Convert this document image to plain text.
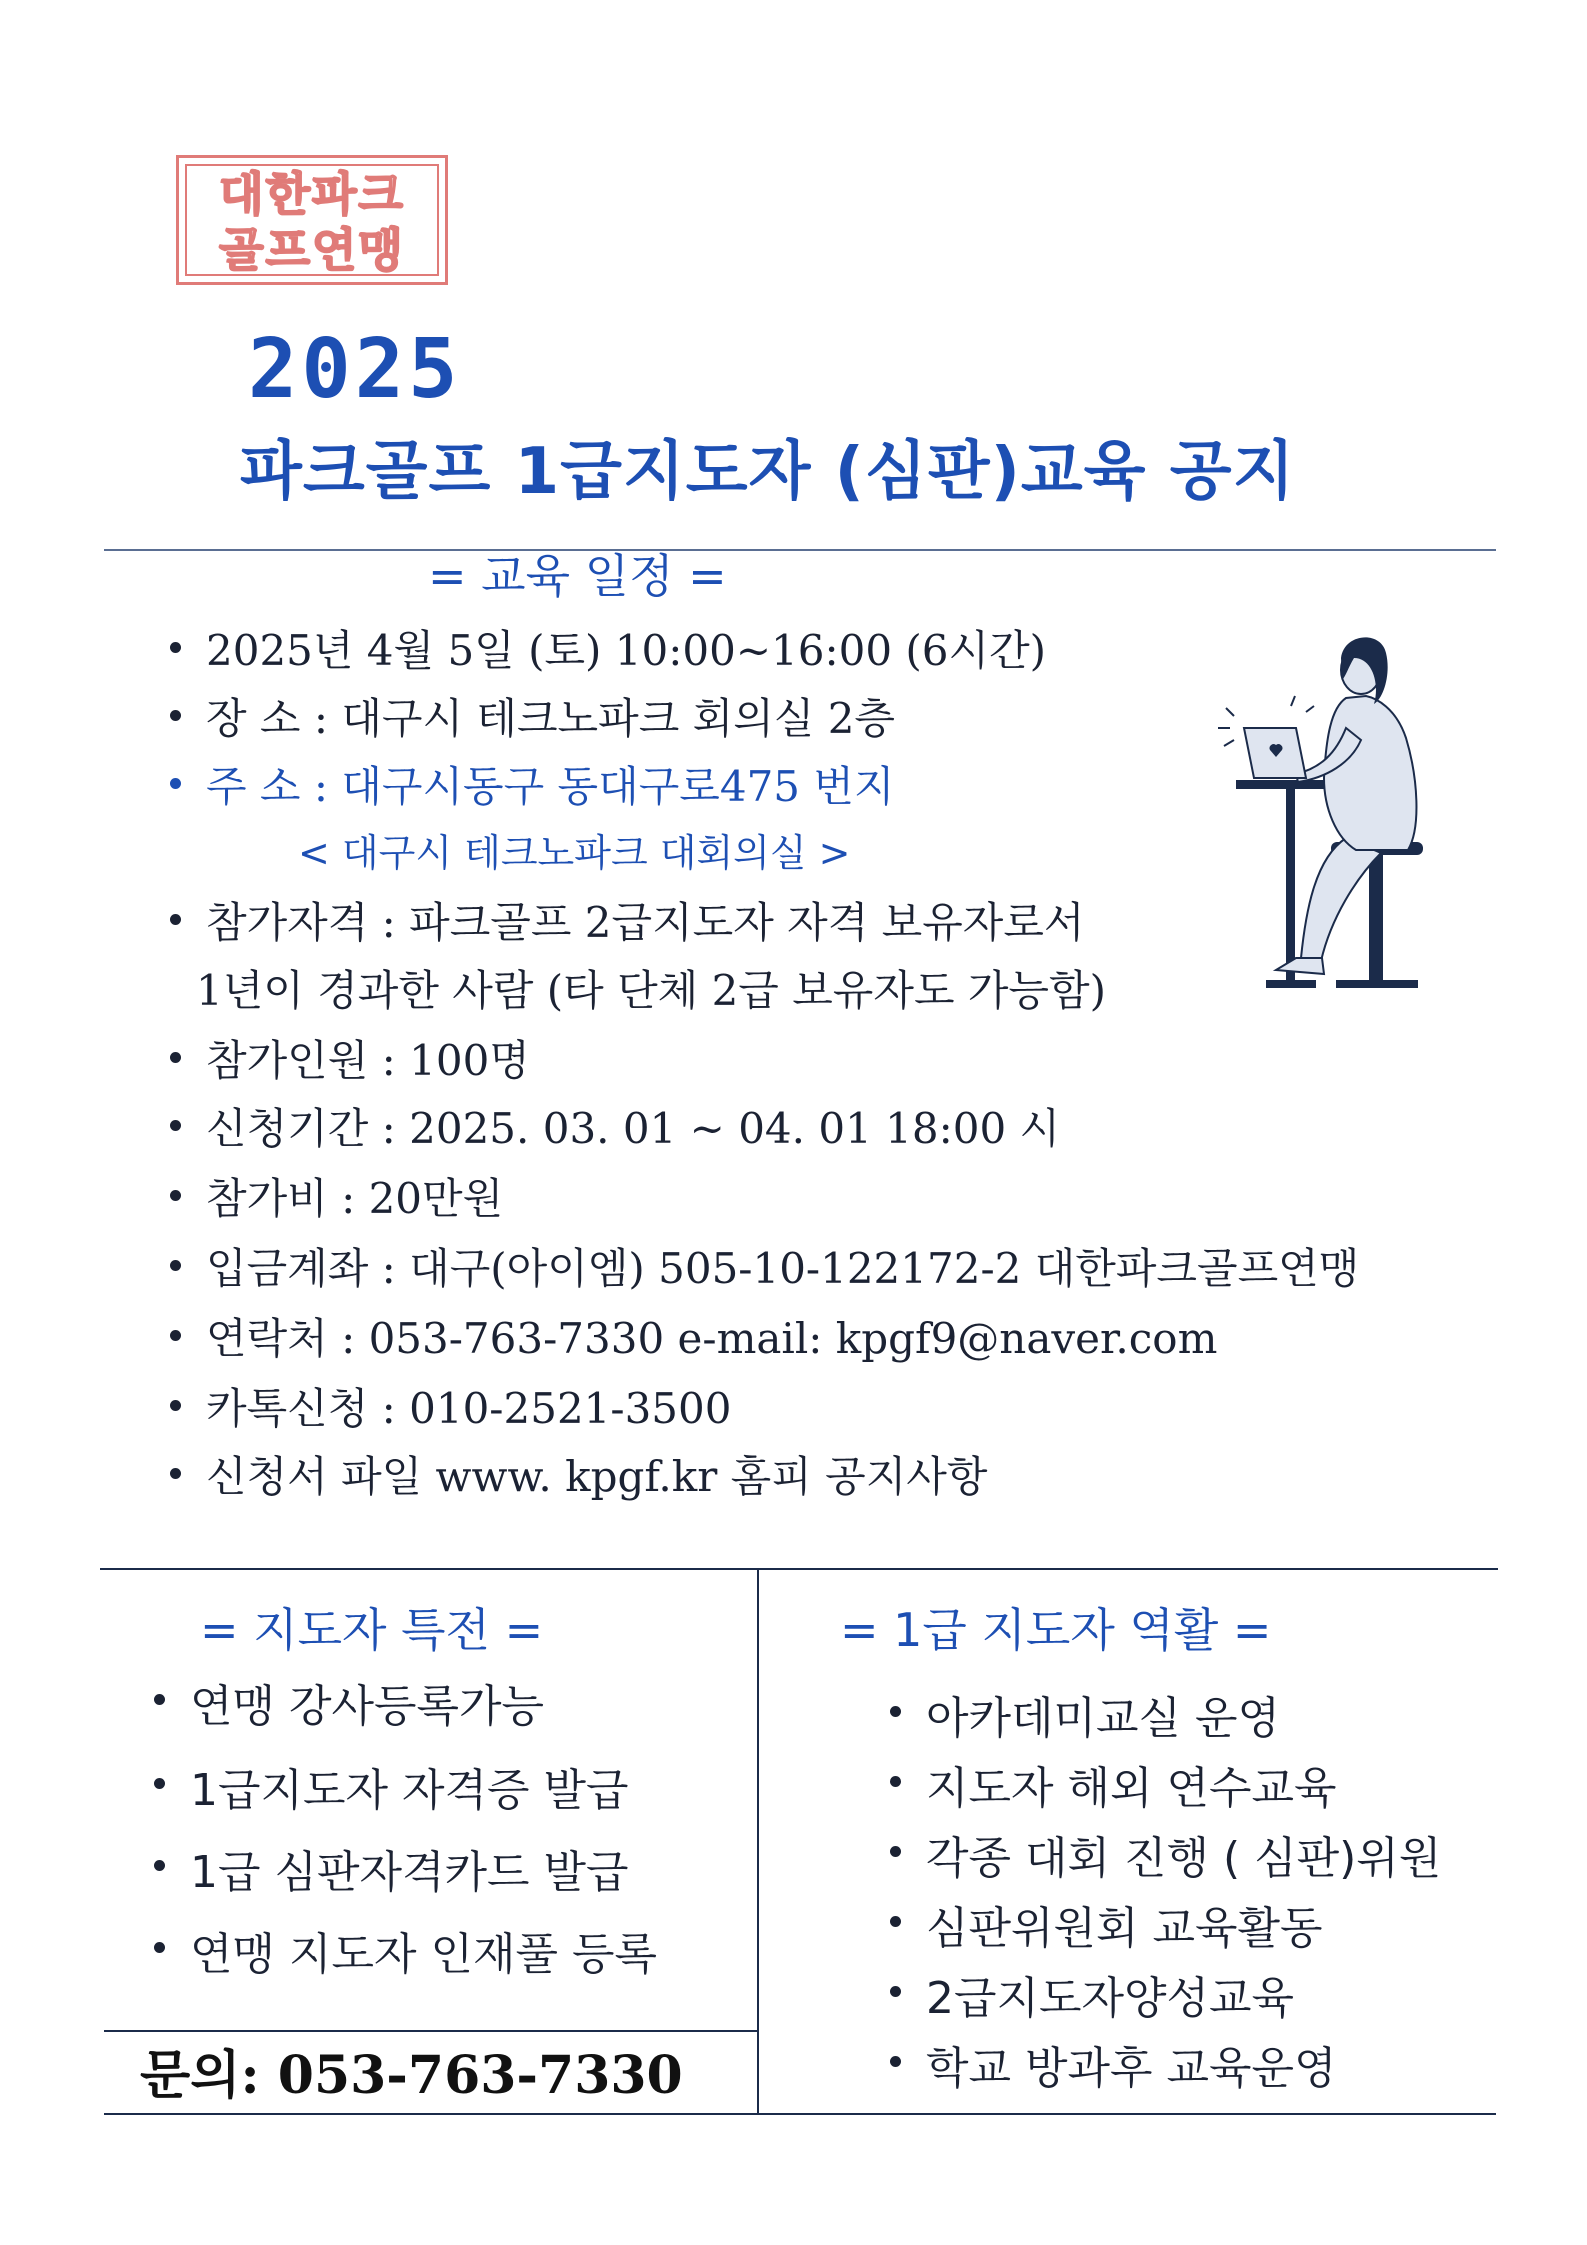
대한파크
골프연맹
2025
파크골프 1급지도자 (심판)교육 공지
= 교육 일정 =
2025년 4월 5일 (토) 10:00~16:00 (6시간)
장 소 : 대구시 테크노파크 회의실 2층
주 소 : 대구시동구 동대구로475 번지
< 대구시 테크노파크 대회의실 >
참가자격 : 파크골프 2급지도자 자격 보유자로서
1년이 경과한 사람 (타 단체 2급 보유자도 가능함)
참가인원 : 100명
신청기간 : 2025. 03. 01 ~ 04. 01 18:00 시
참가비 : 20만원
입금계좌 : 대구(아이엠) 505-10-122172-2 대한파크골프연맹
연락처 : 053-763-7330 e-mail: kpgf9@naver.com
카톡신청 : 010-2521-3500
신청서 파일 www. kpgf.kr 홈피 공지사항
= 지도자 특전 =
연맹 강사등록가능
1급지도자 자격증 발급
1급 심판자격카드 발급
연맹 지도자 인재풀 등록
= 1급 지도자 역활 =
아카데미교실 운영
지도자 해외 연수교육
각종 대회 진행 ( 심판)위원
심판위원회 교육활동
2급지도자양성교육
학교 방과후 교육운영
문의: 053-763-7330
